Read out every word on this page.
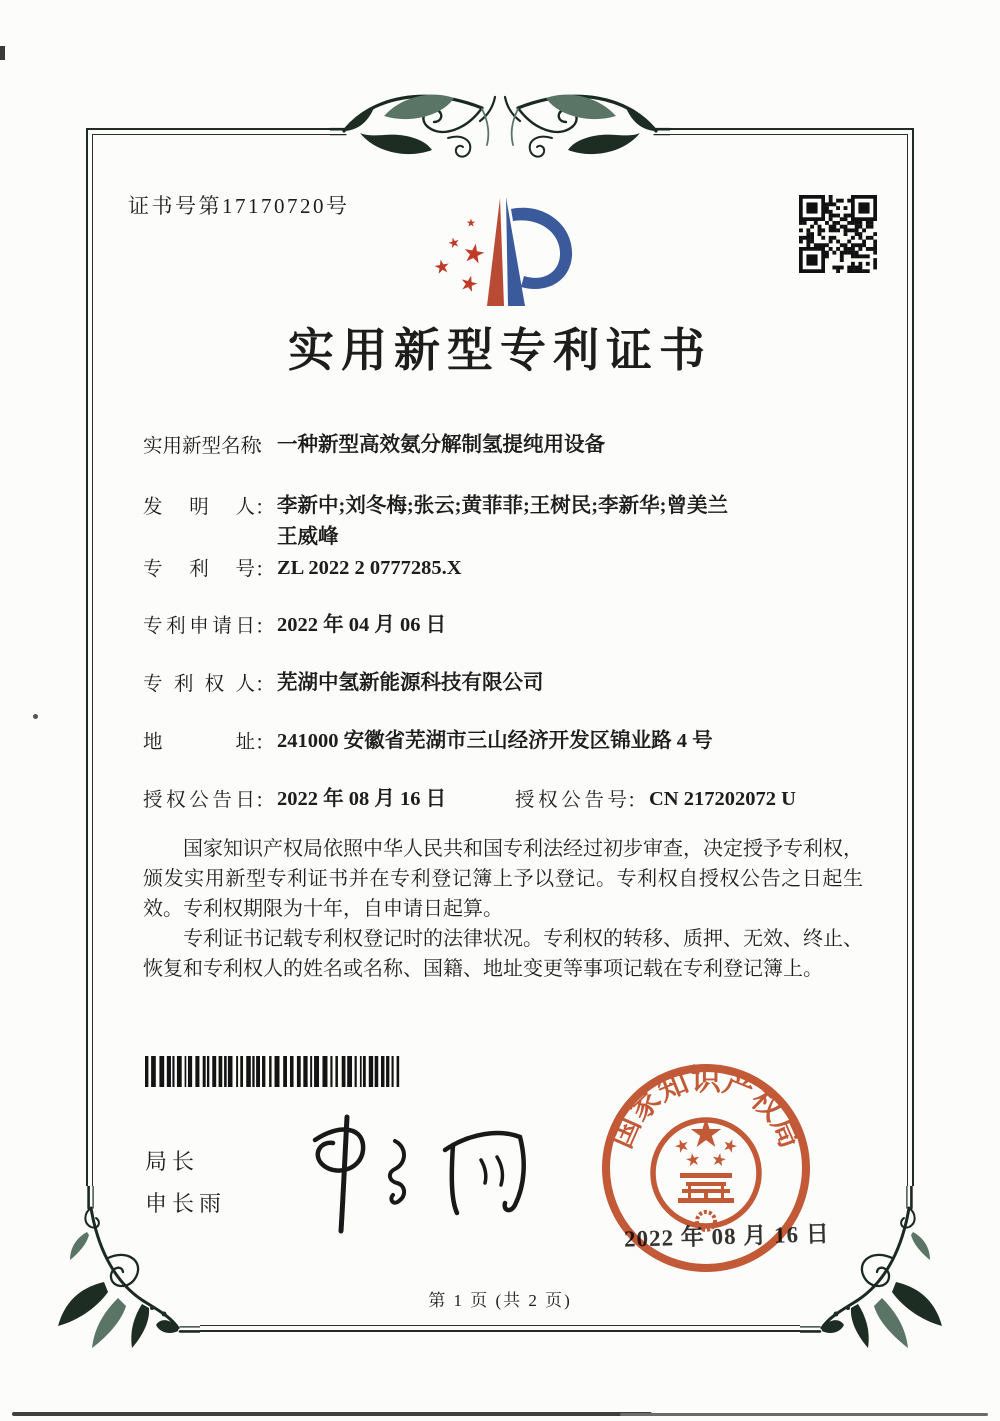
证书号第17170720号
实用新型专利证书
实用新型名称：一种新型高效氨分解制氢提纯用设备
发明人：李新中;刘冬梅;张云;黄菲菲;王树民;李新华;曾美兰
王威峰
专利号：ZL 2022 2 0777285.X
专利申请日：2022 年 04 月 06 日
专利权人：芜湖中氢新能源科技有限公司
地址：241000 安徽省芜湖市三山经济开发区锦业路 4 号
授权公告日：2022 年 08 月 16 日	授权公告号：CN 217202072 U

国家知识产权局依照中华人民共和国专利法经过初步审查，决定授予专利权，颁发实用新型专利证书并在专利登记簿上予以登记。专利权自授权公告之日起生效。专利权期限为十年，自申请日起算。

专利证书记载专利权登记时的法律状况。专利权的转移、质押、无效、终止、恢复和专利权人的姓名或名称、国籍、地址变更等事项记载在专利登记簿上。

局长
申长雨
国家知识产权局
2022 年 08 月 16 日
第 1 页 (共 2 页)
